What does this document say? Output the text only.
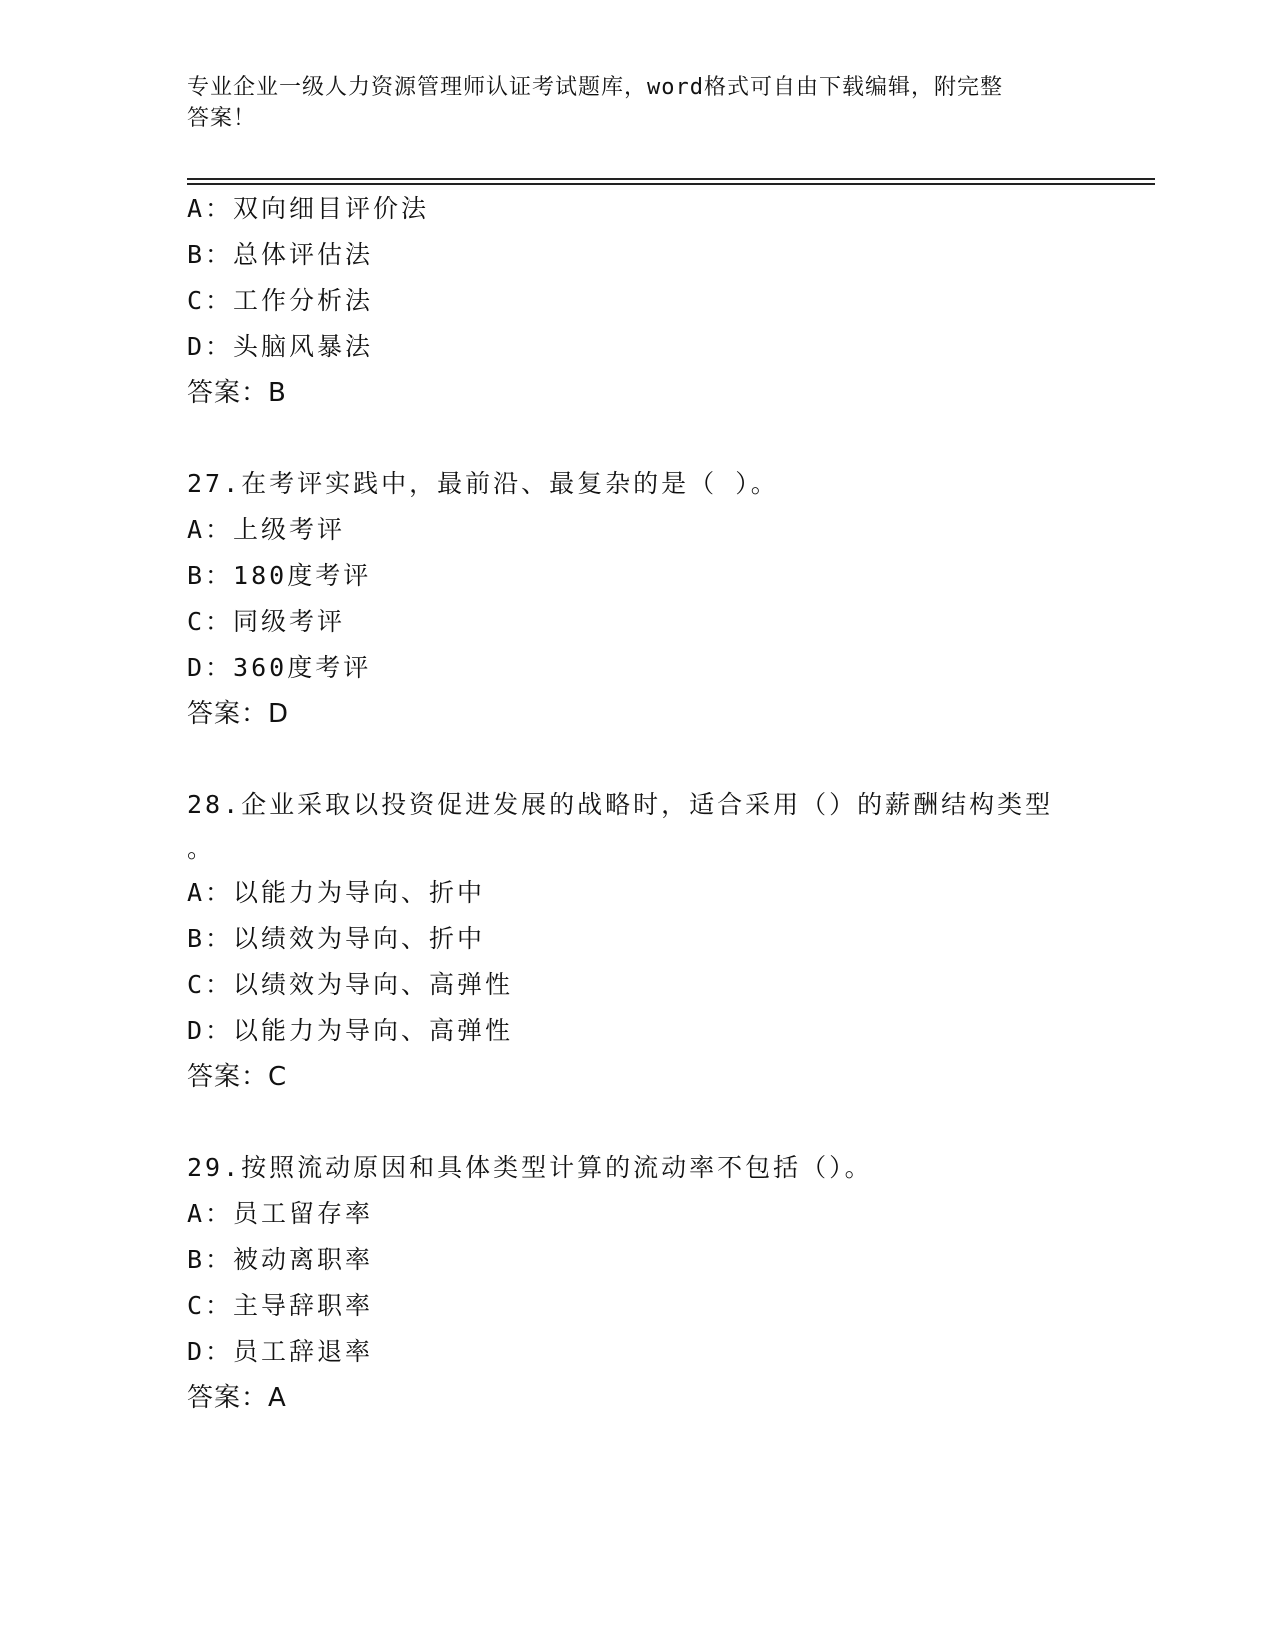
专业企业一级人力资源管理师认证考试题库，word格式可自由下载编辑，附完整
答案！
A：双向细目评价法
B：总体评估法
C：工作分析法
D：头脑风暴法
答案：B
27.在考评实践中，最前沿、最复杂的是（ ）。
A：上级考评
B：180度考评
C：同级考评
D：360度考评
答案：D
28.企业采取以投资促进发展的战略时，适合采用（）的薪酬结构类型
。
A：以能力为导向、折中
B：以绩效为导向、折中
C：以绩效为导向、高弹性
D：以能力为导向、高弹性
答案：C
29.按照流动原因和具体类型计算的流动率不包括（）。
A：员工留存率
B：被动离职率
C：主导辞职率
D：员工辞退率
答案：A
